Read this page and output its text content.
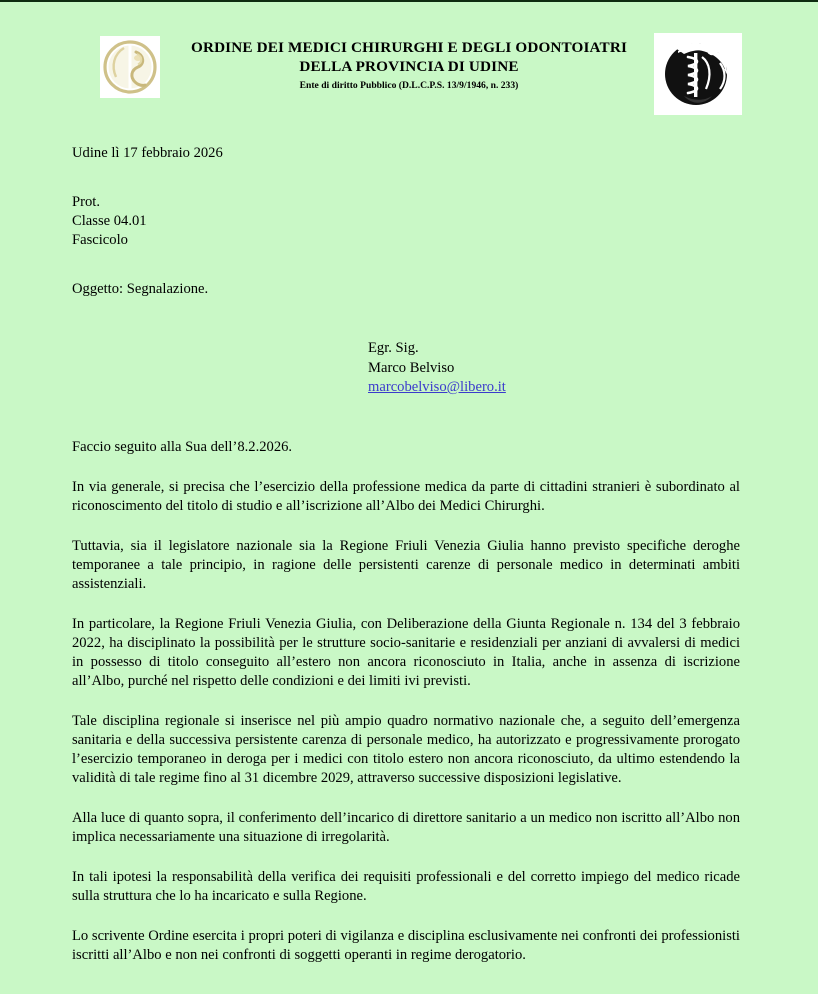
ORDINE DEI MEDICI CHIRURGHI E DEGLI ODONTOIATRI
DELLA PROVINCIA DI UDINE
Ente di diritto Pubblico (D.L.C.P.S. 13/9/1946, n. 233)
Udine lì 17 febbraio 2026
Prot.
Classe 04.01
Fascicolo
Oggetto: Segnalazione.
Egr. Sig.
Marco Belviso
marcobelviso@libero.it
Faccio seguito alla Sua dell’8.2.2026.
In via generale, si precisa che l’esercizio della professione medica da parte di cittadini stranieri è subordinato al riconoscimento del titolo di studio e all’iscrizione all’Albo dei Medici Chirurghi.
Tuttavia, sia il legislatore nazionale sia la Regione Friuli Venezia Giulia hanno previsto specifiche deroghe temporanee a tale principio, in ragione delle persistenti carenze di personale medico in determinati ambiti assistenziali.
In particolare, la Regione Friuli Venezia Giulia, con Deliberazione della Giunta Regionale n. 134 del 3 febbraio 2022, ha disciplinato la possibilità per le strutture socio-sanitarie e residenziali per anziani di avvalersi di medici in possesso di titolo conseguito all’estero non ancora riconosciuto in Italia, anche in assenza di iscrizione all’Albo, purché nel rispetto delle condizioni e dei limiti ivi previsti.
Tale disciplina regionale si inserisce nel più ampio quadro normativo nazionale che, a seguito dell’emergenza sanitaria e della successiva persistente carenza di personale medico, ha autorizzato e progressivamente prorogato l’esercizio temporaneo in deroga per i medici con titolo estero non ancora riconosciuto, da ultimo estendendo la validità di tale regime fino al 31 dicembre 2029, attraverso successive disposizioni legislative.
Alla luce di quanto sopra, il conferimento dell’incarico di direttore sanitario a un medico non iscritto all’Albo non implica necessariamente una situazione di irregolarità.
In tali ipotesi la responsabilità della verifica dei requisiti professionali e del corretto impiego del medico ricade sulla struttura che lo ha incaricato e sulla Regione.
Lo scrivente Ordine esercita i propri poteri di vigilanza e disciplina esclusivamente nei confronti dei professionisti iscritti all’Albo e non nei confronti di soggetti operanti in regime derogatorio.
